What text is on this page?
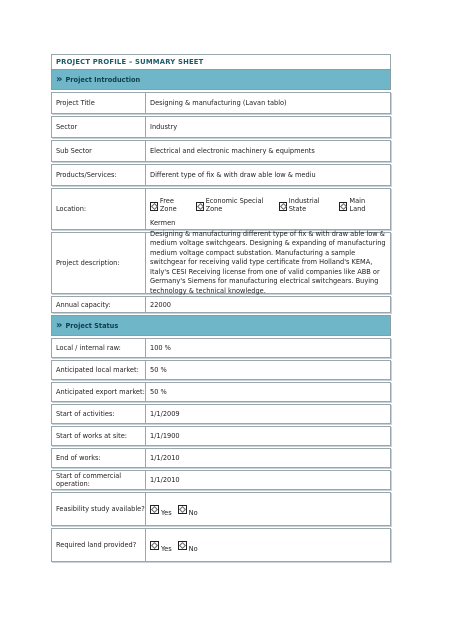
PROJECT PROFILE – SUMMARY SHEET
» Project Introduction
Project Title	Designing & manufacturing (Lavan tablo)
Sector	Industry
Sub Sector	Electrical and electronic machinery & equipments
Products/Services:	Different type of fix & with draw able low & mediu
Location:
Free Zone
Economic Special Zone
Industrial State
Main Land
Kermen
Project description:
Designing & manufacturing different type of fix & with draw able low & medium voltage switchgears. Designing & expanding of manufacturing medium voltage compact substation. Manufacturing a sample switchgear for receiving valid type certificate from Holland's KEMA, Italy's CESI Receiving license from one of valid companies like ABB or Germany's Siemens for manufacturing electrical switchgears. Buying technology & technical knowledge.
Annual capacity:	22000
» Project Status
Local / internal raw:	100 %
Anticipated local market:	50 %
Anticipated export market: 50 %
Start of activities:	1/1/2009
Start of works at site:	1/1/1900
End of works:	1/1/2010
Start of commercial operation:	1/1/2010
Feasibility study available? Yes	No
Required land provided?	Yes	No
